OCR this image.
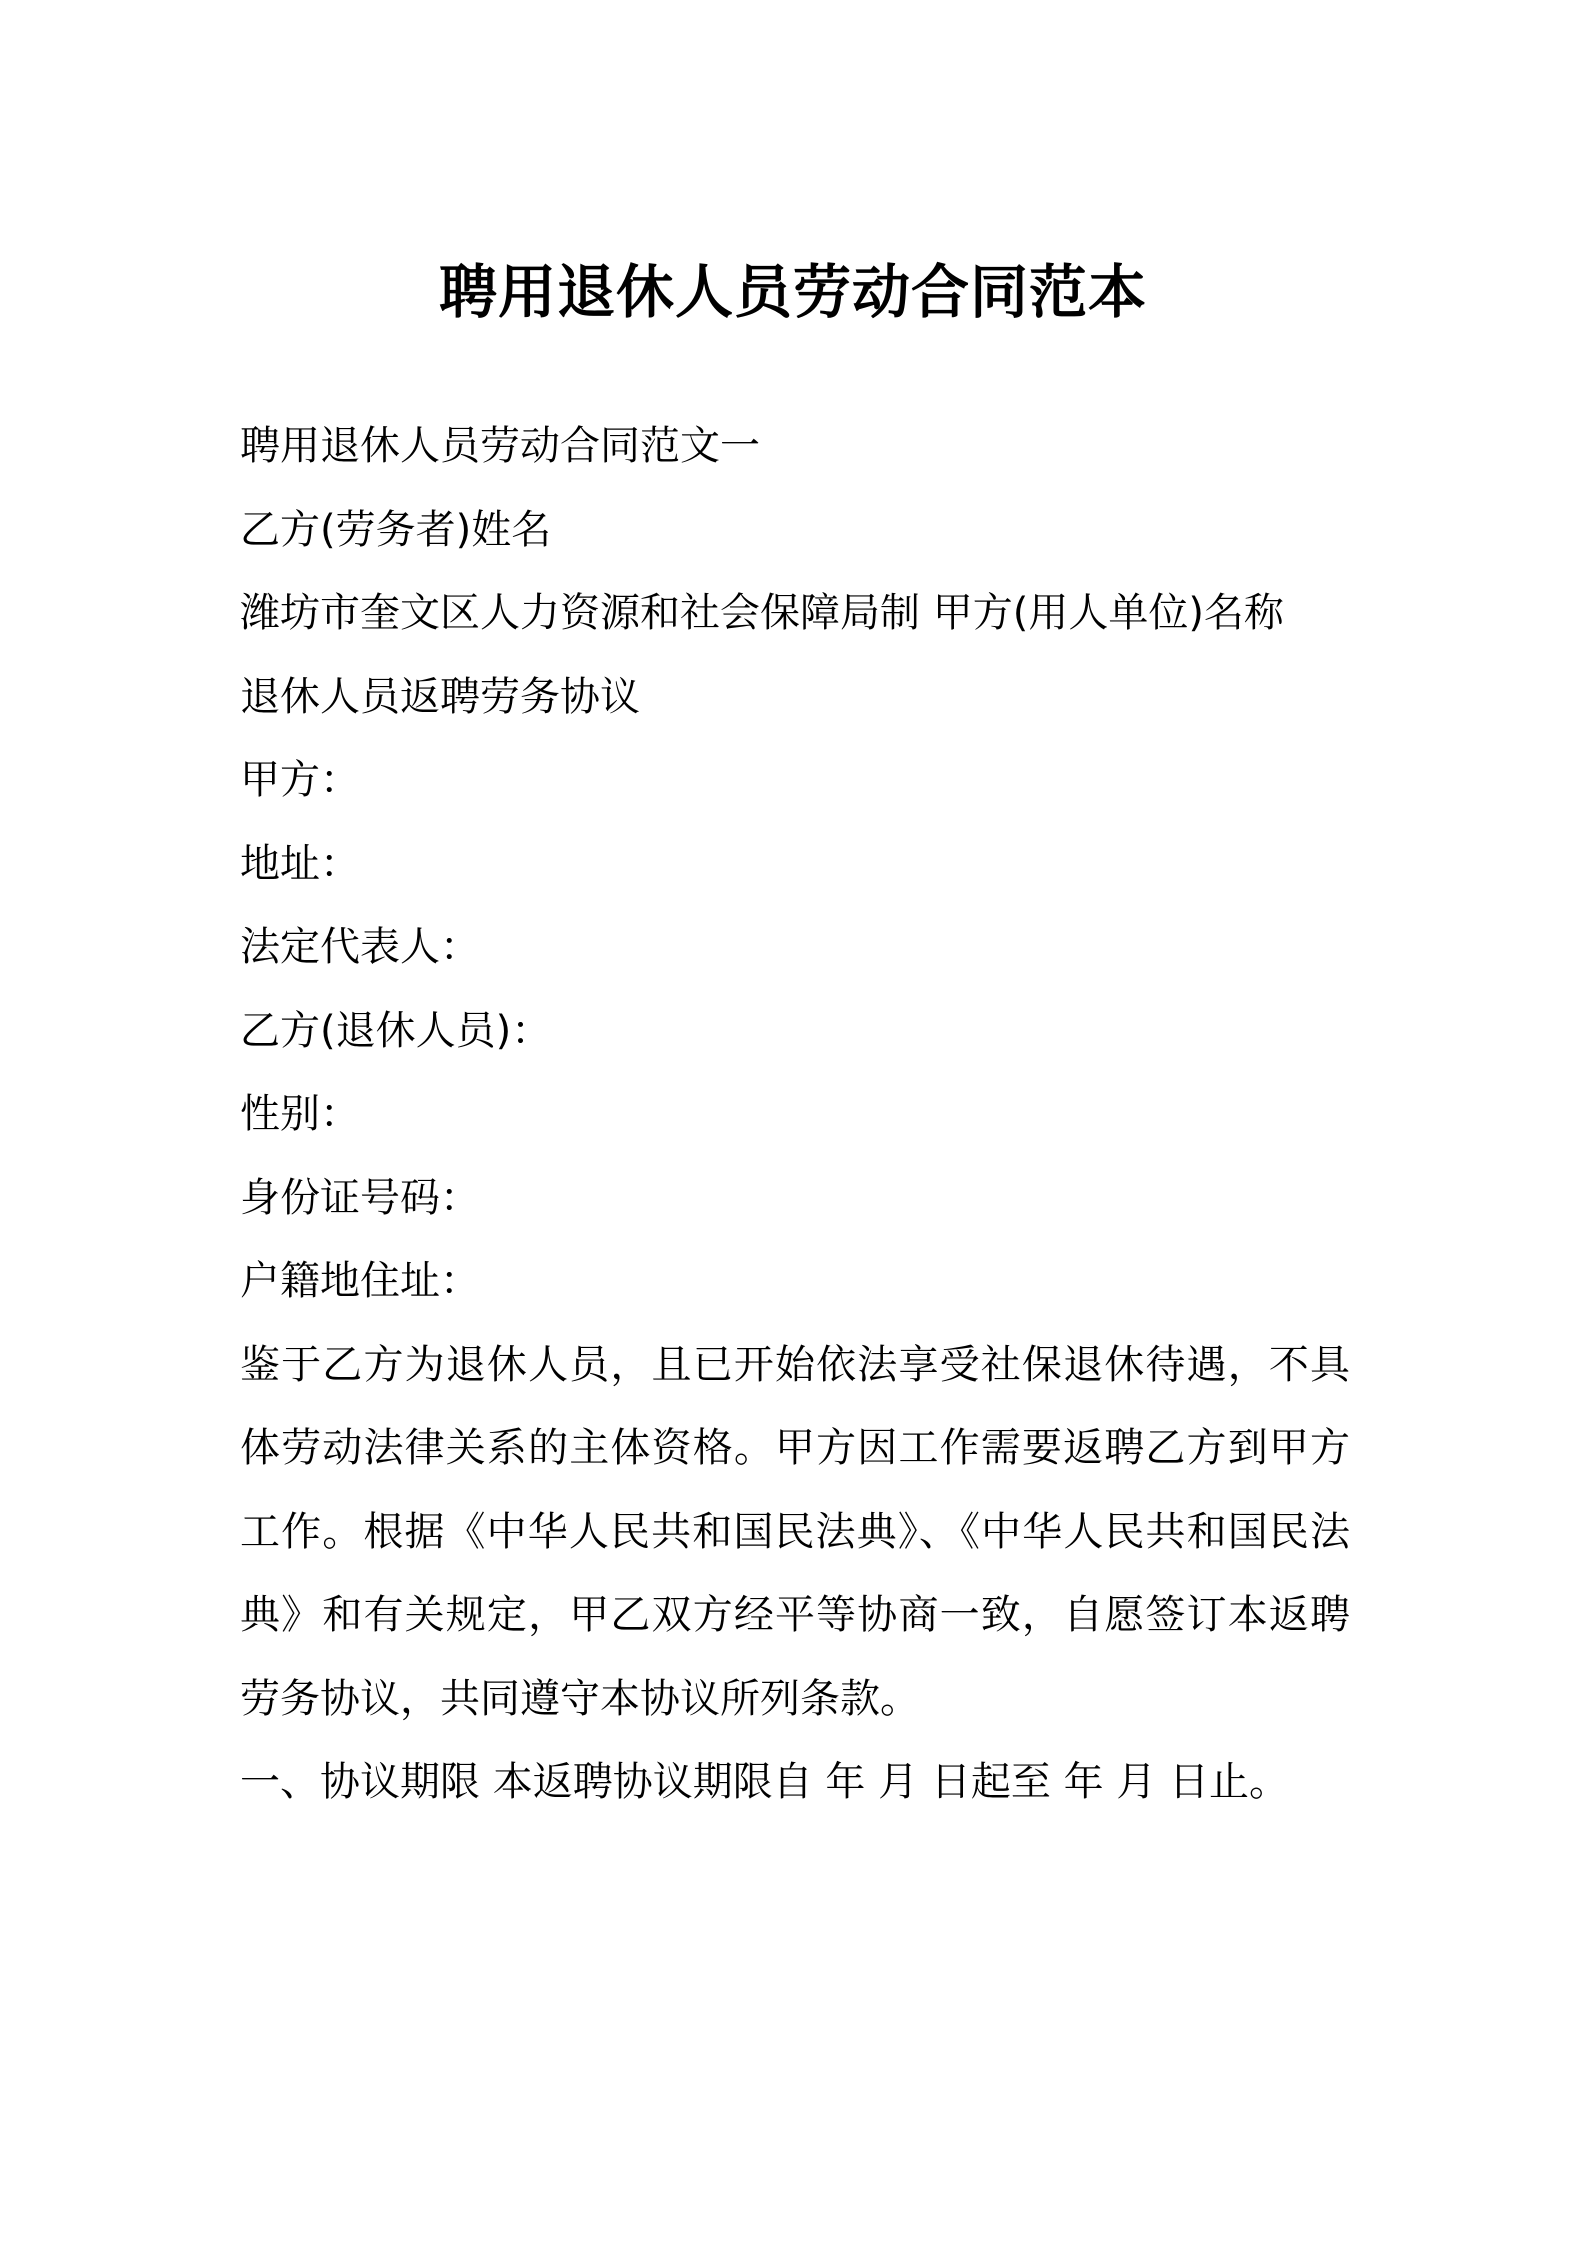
聘用退休人员劳动合同范本

聘用退休人员劳动合同范文一

乙方(劳务者)姓名

潍坊市奎文区人力资源和社会保障局制 甲方(用人单位)名称

退休人员返聘劳务协议

甲方：

地址：

法定代表人：

乙方(退休人员)：

性别：

身份证号码：

户籍地住址：

鉴于乙方为退休人员，且已开始依法享受社保退休待遇，不具体劳动法律关系的主体资格。甲方因工作需要返聘乙方到甲方工作。根据《中华人民共和国民法典》、《中华人民共和国民法典》和有关规定，甲乙双方经平等协商一致，自愿签订本返聘劳务协议，共同遵守本协议所列条款。

一、协议期限 本返聘协议期限自 年 月 日起至 年 月 日止。
